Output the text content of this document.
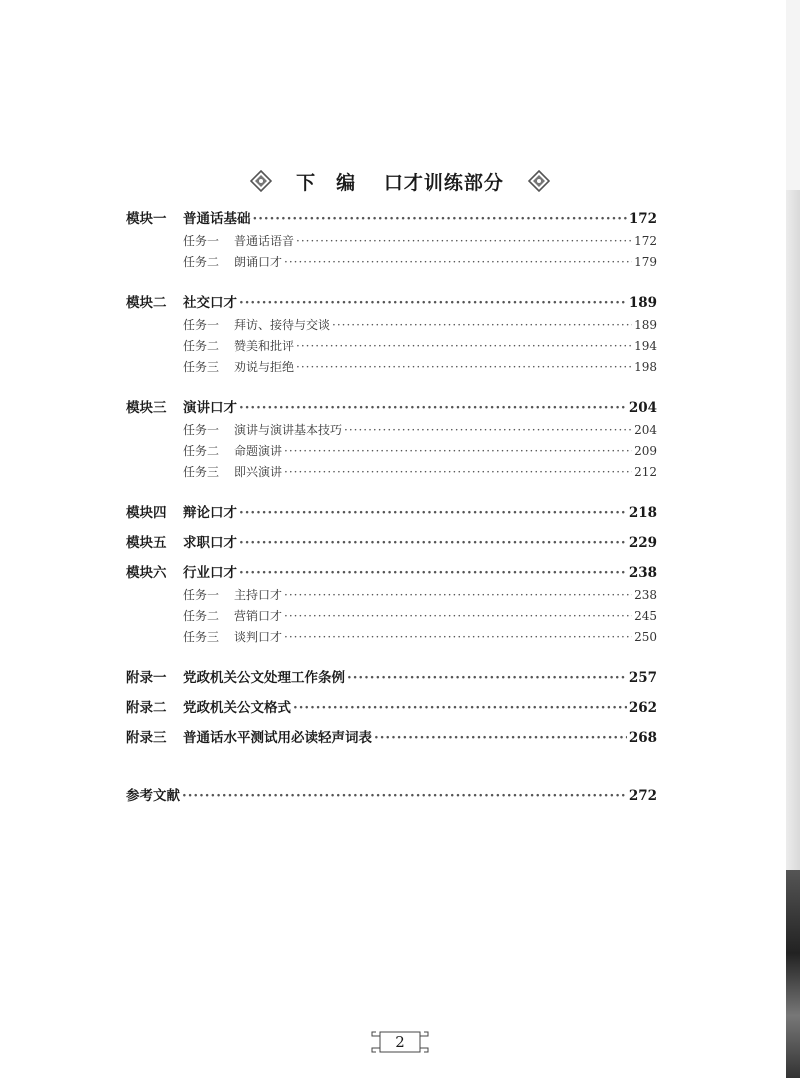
下　编 口才训练部分
模块一	普通话基础 ·····	172
任务一	普通话语音 ·····	172
任务二	朗诵口才 ·····	179
模块二	社交口才 ·····	189
任务一	拜访、接待与交谈 ·····	189
任务二	赞美和批评 ·····	194
任务三	劝说与拒绝 ·····	198
模块三	演讲口才 ·····	204
任务一	演讲与演讲基本技巧 ·····	204
任务二	命题演讲 ·····	209
任务三	即兴演讲 ·····	212
模块四	辩论口才 ·····	218
模块五	求职口才 ·····	229
模块六	行业口才 ·····	238
任务一	主持口才 ·····	238
任务二	营销口才 ·····	245
任务三	谈判口才 ·····	250
附录一	党政机关公文处理工作条例 ·····	257
附录二	党政机关公文格式 ·····	262
附录三	普通话水平测试用必读轻声词表 ·····	268
参考文献 ·····	272
2
